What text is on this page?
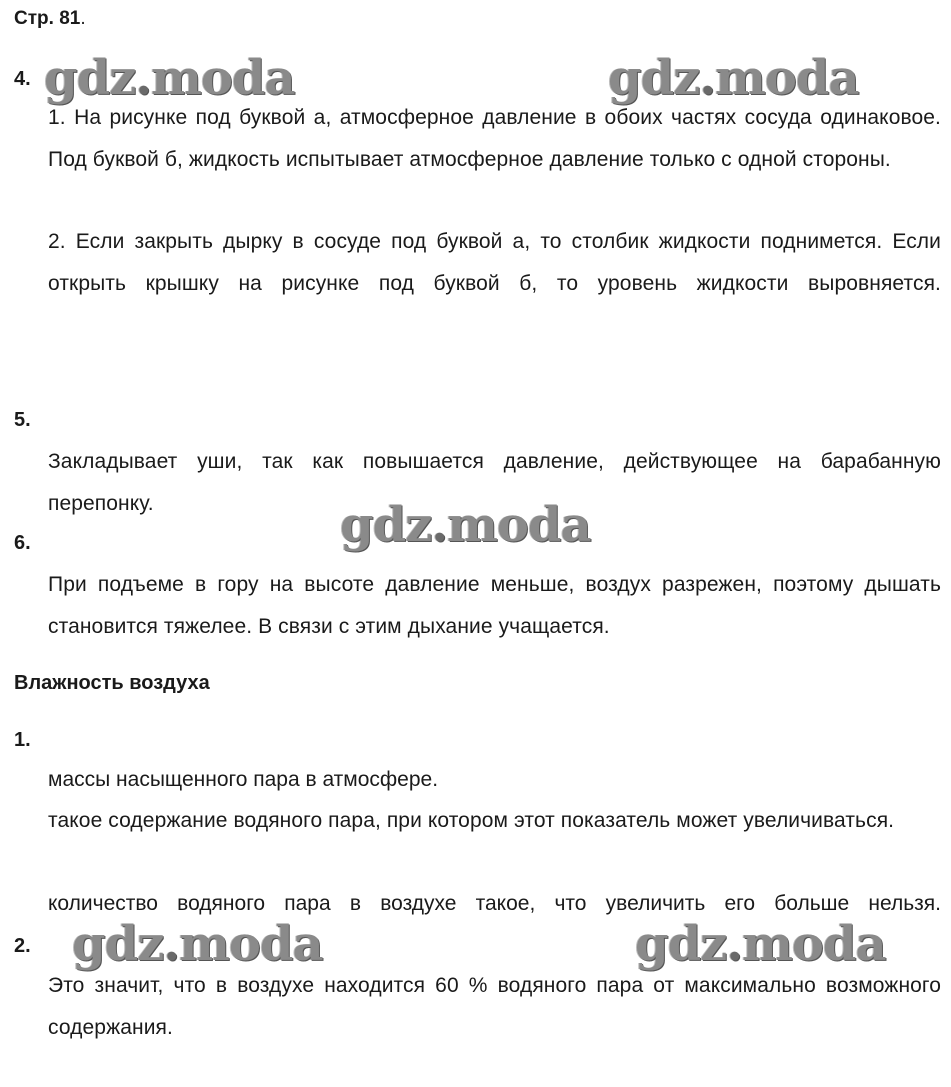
Стр. 81.
gdz.moda	gdz.moda
4.
1. На рисунке под буквой а, атмосферное давление в обоих частях сосуда одинаковое. Под буквой б, жидкость испытывает атмосферное давление только с одной стороны.
2. Если закрыть дырку в сосуде под буквой а, то столбик жидкости поднимется. Если открыть крышку на рисунке под буквой б, то уровень жидкости выровняется.
5.
Закладывает уши, так как повышается давление, действующее на барабанную перепонку.	gdz.moda
6.
При подъеме в гору на высоте давление меньше, воздух разрежен, поэтому дышать становится тяжелее. В связи с этим дыхание учащается.
Влажность воздуха
1.
массы насыщенного пара в атмосфере.
такое содержание водяного пара, при котором этот показатель может увеличиваться.
количество водяного пара в воздухе такое, что увеличить его больше нельзя.
gdz.moda	gdz.moda
2.
Это значит, что в воздухе находится 60 % водяного пара от максимально возможного содержания.
